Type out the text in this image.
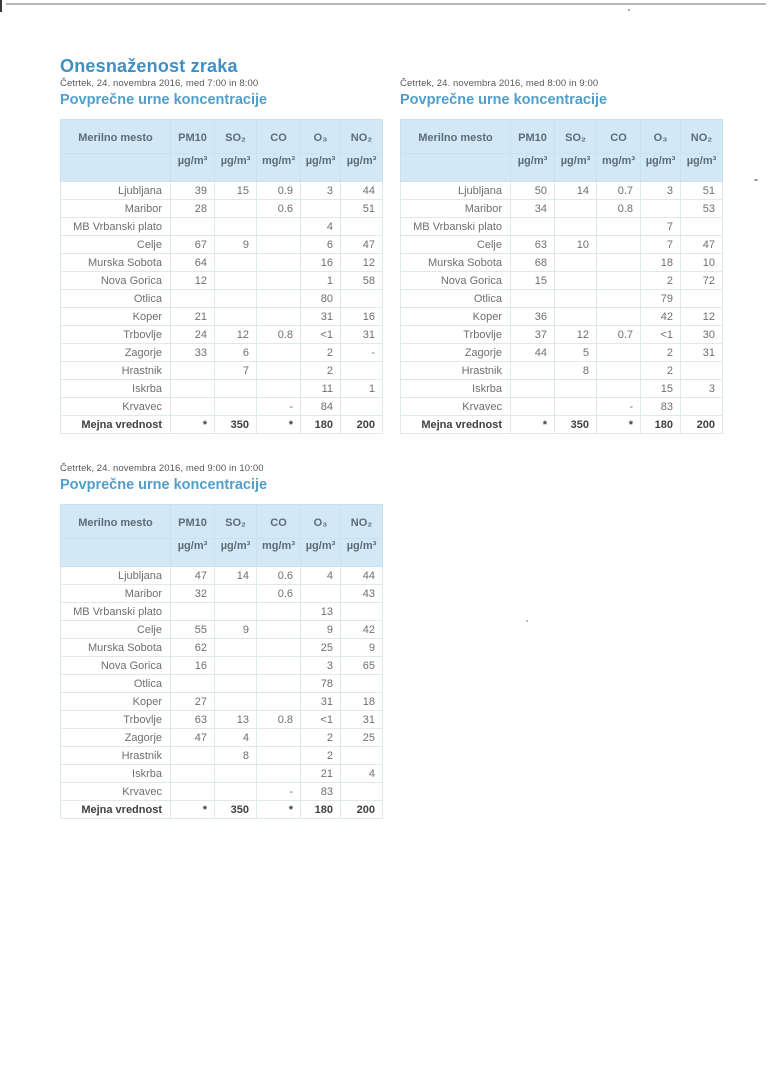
Onesnaženost zraka
Četrtek, 24. novembra 2016, med 7:00 in 8:00
Povprečne urne koncentracije
Merilno mesto	PM10	SO₂	CO	O₃	NO₂
	µg/m³	µg/m³	mg/m³	µg/m³	µg/m³
Ljubljana	39	15	0.9	3	44
Maribor	28		0.6		51
MB Vrbanski plato				4	
Celje	67	9		6	47
Murska Sobota	64			16	12
Nova Gorica	12			1	58
Otlica				80	
Koper	21			31	16
Trbovlje	24	12	0.8	<1	31
Zagorje	33	6		2	-
Hrastnik		7		2	
Iskrba				11	1
Krvavec			-	84	
Mejna vrednost	*	350	*	180	200
Četrtek, 24. novembra 2016, med 8:00 in 9:00
Povprečne urne koncentracije
Merilno mesto	PM10	SO₂	CO	O₃	NO₂
	µg/m³	µg/m³	mg/m³	µg/m³	µg/m³
Ljubljana	50	14	0.7	3	51
Maribor	34		0.8		53
MB Vrbanski plato				7	
Celje	63	10		7	47
Murska Sobota	68			18	10
Nova Gorica	15			2	72
Otlica				79	
Koper	36			42	12
Trbovlje	37	12	0.7	<1	30
Zagorje	44	5		2	31
Hrastnik		8		2	
Iskrba				15	3
Krvavec			-	83	
Mejna vrednost	*	350	*	180	200
Četrtek, 24. novembra 2016, med 9:00 in 10:00
Povprečne urne koncentracije
Merilno mesto	PM10	SO₂	CO	O₃	NO₂
	µg/m³	µg/m³	mg/m³	µg/m³	µg/m³
Ljubljana	47	14	0.6	4	44
Maribor	32		0.6		43
MB Vrbanski plato				13	
Celje	55	9		9	42
Murska Sobota	62			25	9
Nova Gorica	16			3	65
Otlica				78	
Koper	27			31	18
Trbovlje	63	13	0.8	<1	31
Zagorje	47	4		2	25
Hrastnik		8		2	
Iskrba				21	4
Krvavec			-	83	
Mejna vrednost	*	350	*	180	200
